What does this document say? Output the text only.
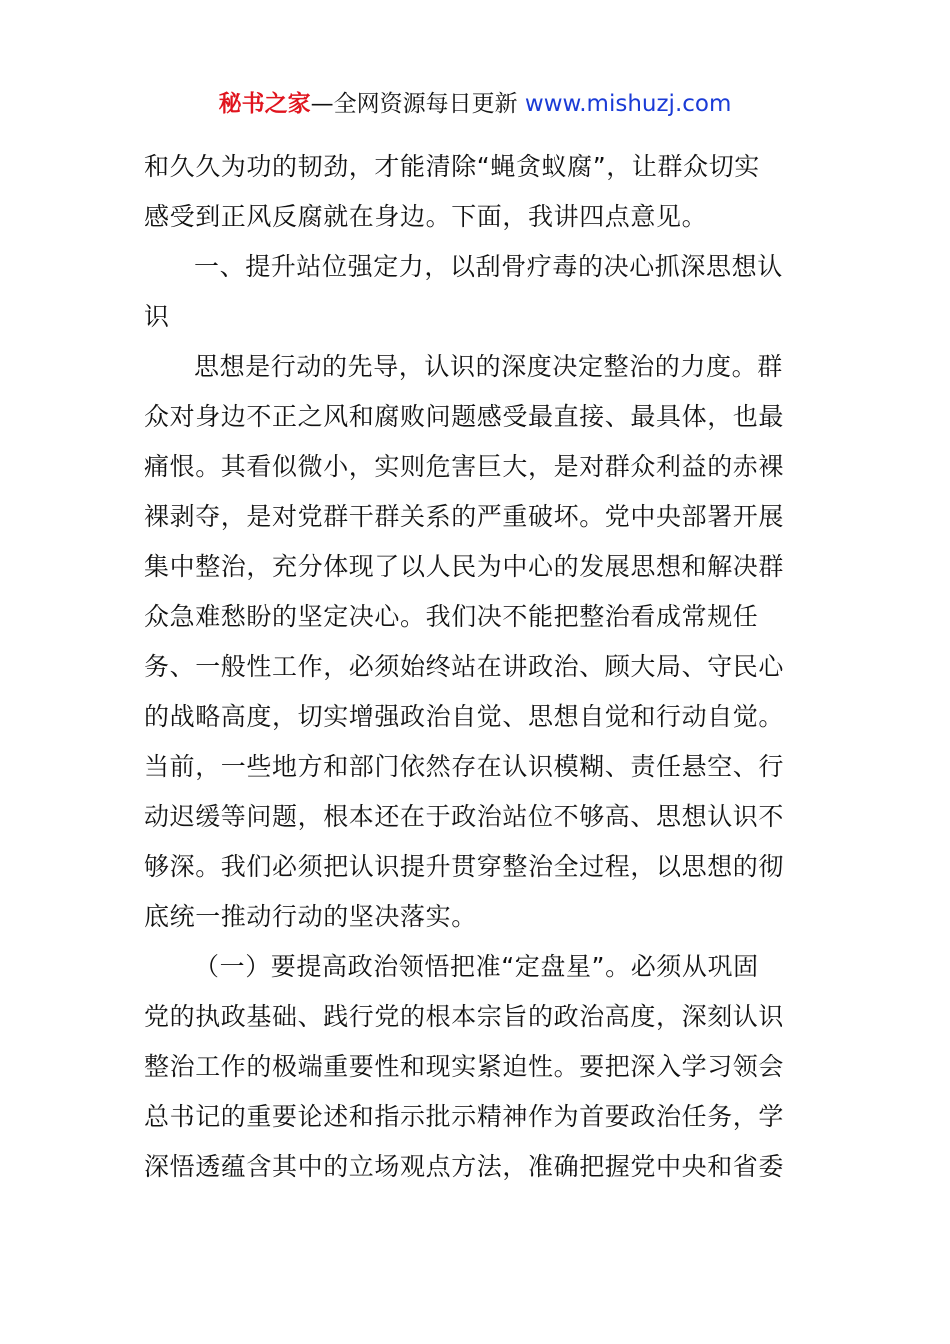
秘书之家—全网资源每日更新 www.mishuzj.com
和久久为功的韧劲，才能清除“蝇贪蚁腐”，让群众切实
感受到正风反腐就在身边。下面，我讲四点意见。
一、提升站位强定力，以刮骨疗毒的决心抓深思想认
识
思想是行动的先导，认识的深度决定整治的力度。群
众对身边不正之风和腐败问题感受最直接、最具体，也最
痛恨。其看似微小，实则危害巨大，是对群众利益的赤裸
裸剥夺，是对党群干群关系的严重破坏。党中央部署开展
集中整治，充分体现了以人民为中心的发展思想和解决群
众急难愁盼的坚定决心。我们决不能把整治看成常规任
务、一般性工作，必须始终站在讲政治、顾大局、守民心
的战略高度，切实增强政治自觉、思想自觉和行动自觉。
当前，一些地方和部门依然存在认识模糊、责任悬空、行
动迟缓等问题，根本还在于政治站位不够高、思想认识不
够深。我们必须把认识提升贯穿整治全过程，以思想的彻
底统一推动行动的坚决落实。
（一）要提高政治领悟把准“定盘星”。必须从巩固
党的执政基础、践行党的根本宗旨的政治高度，深刻认识
整治工作的极端重要性和现实紧迫性。要把深入学习领会
总书记的重要论述和指示批示精神作为首要政治任务，学
深悟透蕴含其中的立场观点方法，准确把握党中央和省委
